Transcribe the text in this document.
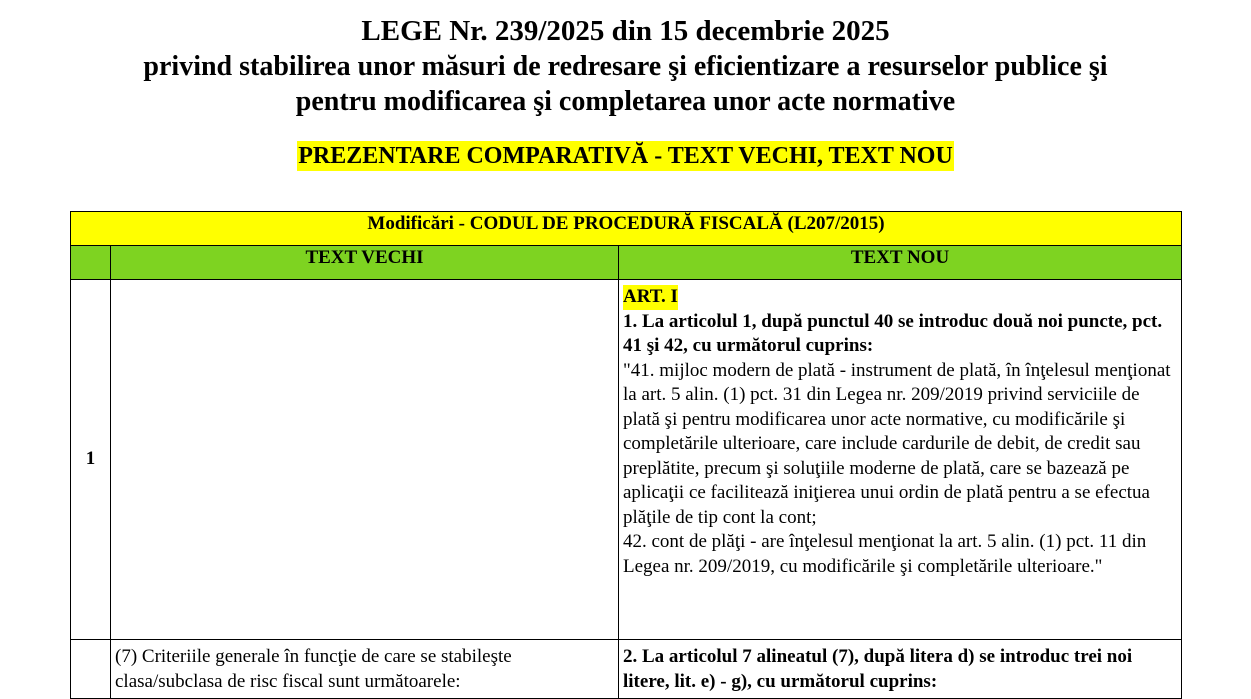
LEGE Nr. 239/2025 din 15 decembrie 2025
privind stabilirea unor măsuri de redresare şi eficientizare a resurselor publice şi
pentru modificarea şi completarea unor acte normative
PREZENTARE COMPARATIVĂ - TEXT VECHI, TEXT NOU
Modificări - CODUL DE PROCEDURĂ FISCALĂ (L207/2015)		
	TEXT VECHI	TEXT NOU
1		ART. I
1. La articolul 1, după punctul 40 se introduc două noi puncte, pct. 41 şi 42, cu următorul cuprins:
"41. mijloc modern de plată - instrument de plată, în înţelesul menţionat la art. 5 alin. (1) pct. 31 din Legea nr. 209/2019 privind serviciile de plată şi pentru modificarea unor acte normative, cu modificările şi completările ulterioare, care include cardurile de debit, de credit sau preplătite, precum şi soluţiile moderne de plată, care se bazează pe aplicaţii ce facilitează iniţierea unui ordin de plată pentru a se efectua plăţile de tip cont la cont;
42. cont de plăţi - are înţelesul menţionat la art. 5 alin. (1) pct. 11 din Legea nr. 209/2019, cu modificările şi completările ulterioare."

	(7) Criteriile generale în funcţie de care se stabileşte clasa/subclasa de risc fiscal sunt următoarele:	2. La articolul 7 alineatul (7), după litera d) se introduc trei noi litere, lit. e) - g), cu următorul cuprins:
